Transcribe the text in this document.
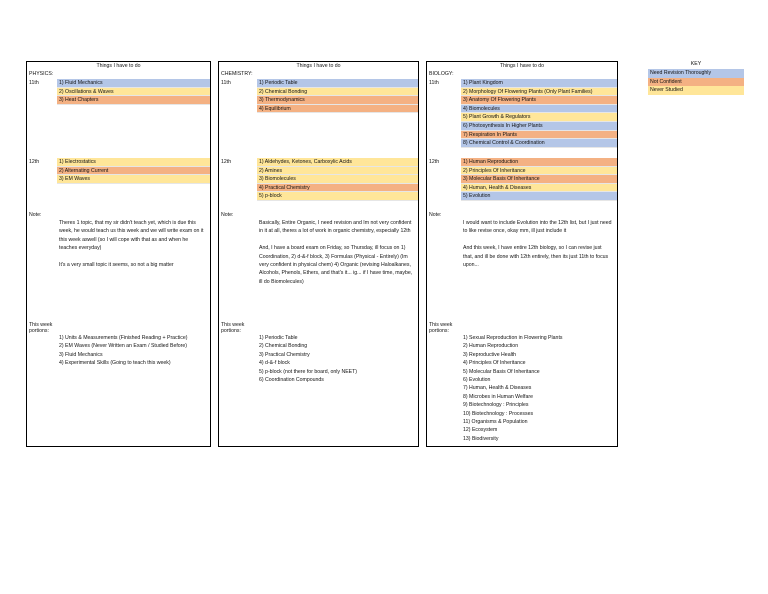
Things I have to do
PHYSICS:
11th	1) Fluid Mechanics
2) Oscillations & Waves
3) Heat Chapters
12th	1) Electrostatics
2) Alternating Current
3) EM Waves
Note:

Theres 1 topic, that my sir didn't teach yet, which is due this week, he would teach us this week and we will write exam on it this week aswell (so I will cope with that as and when he teaches everyday)

It's a very small topic it seems, so not a big matter

This week
portions:
1) Units & Measurements (Finished Reading + Practice)
2) EM Waves (Never Written an Exam / Studied Before)
3) Fluid Mechanics
4) Experimental Skills (Going to teach this week)
Things I have to do
CHEMISTRY:
11th	1) Periodic Table
2) Chemical Bonding
3) Thermodynamics
4) Equilibrium
12th	1) Aldehydes, Ketones, Carboxylic Acids
2) Amines
3) Biomolecules
4) Practical Chemistry
5) p-block
Note:

Basically, Entire Organic, I need revision and Im not very confident in it at all, theres a lot of work in organic chemistry, especially 12th

And, I have a board exam on Friday, so Thursday, ill focus on 1) Coordination, 2) d-&-f block, 3) Formulas (Physical - Entirely) (Im very confident in physical chem) 4) Organic (revising Haloalkanes, Alcohols, Phenols, Ethers, and that's it... ig... if I have time, maybe, ill do Biomolecules)

This week
portions:
1) Periodic Table
2) Chemical Bonding
3) Practical Chemistry
4) d-&-f block
5) p-block (not there for board, only NEET)
6) Coordination Compounds
Things I have to do
BIOLOGY:
11th	1) Plant Kingdom
2) Morphology Of Flowering Plants (Only Plant Families)
3) Anatomy Of Flowering Plants
4) Biomolecules
5) Plant Growth & Regulators
6) Photosynthesis In Higher Plants
7) Respiration In Plants
8) Chemical Control & Coordination
12th	1) Human Reproduction
2) Principles Of Inheritance
3) Molecular Basis Of Inheritance
4) Human, Health & Diseases
5) Evolution
Note:

I would want to include Evolution into the 12th list, but I just need to like revise once, okay mm, ill just include it

And this week, I have entire 12th biology, so I can revise just that, and ill be done with 12th entirely, then its just 11th to focus upon...

This week
portions:
1) Sexual Reproduction in Flowering Plants
2) Human Reproduction
3) Reproductive Health
4) Principles Of Inheritance
5) Molecular Basis Of Inheritance
6) Evolution
7) Human, Health & Diseases
8) Microbes in Human Welfare
9) Biotechnology : Principles
10) Biotechnology : Processes
11) Organisms & Population
12) Ecosystem
13) Biodiversity
KEY
Need Revision Thoroughly
Not Confident
Never Studied
